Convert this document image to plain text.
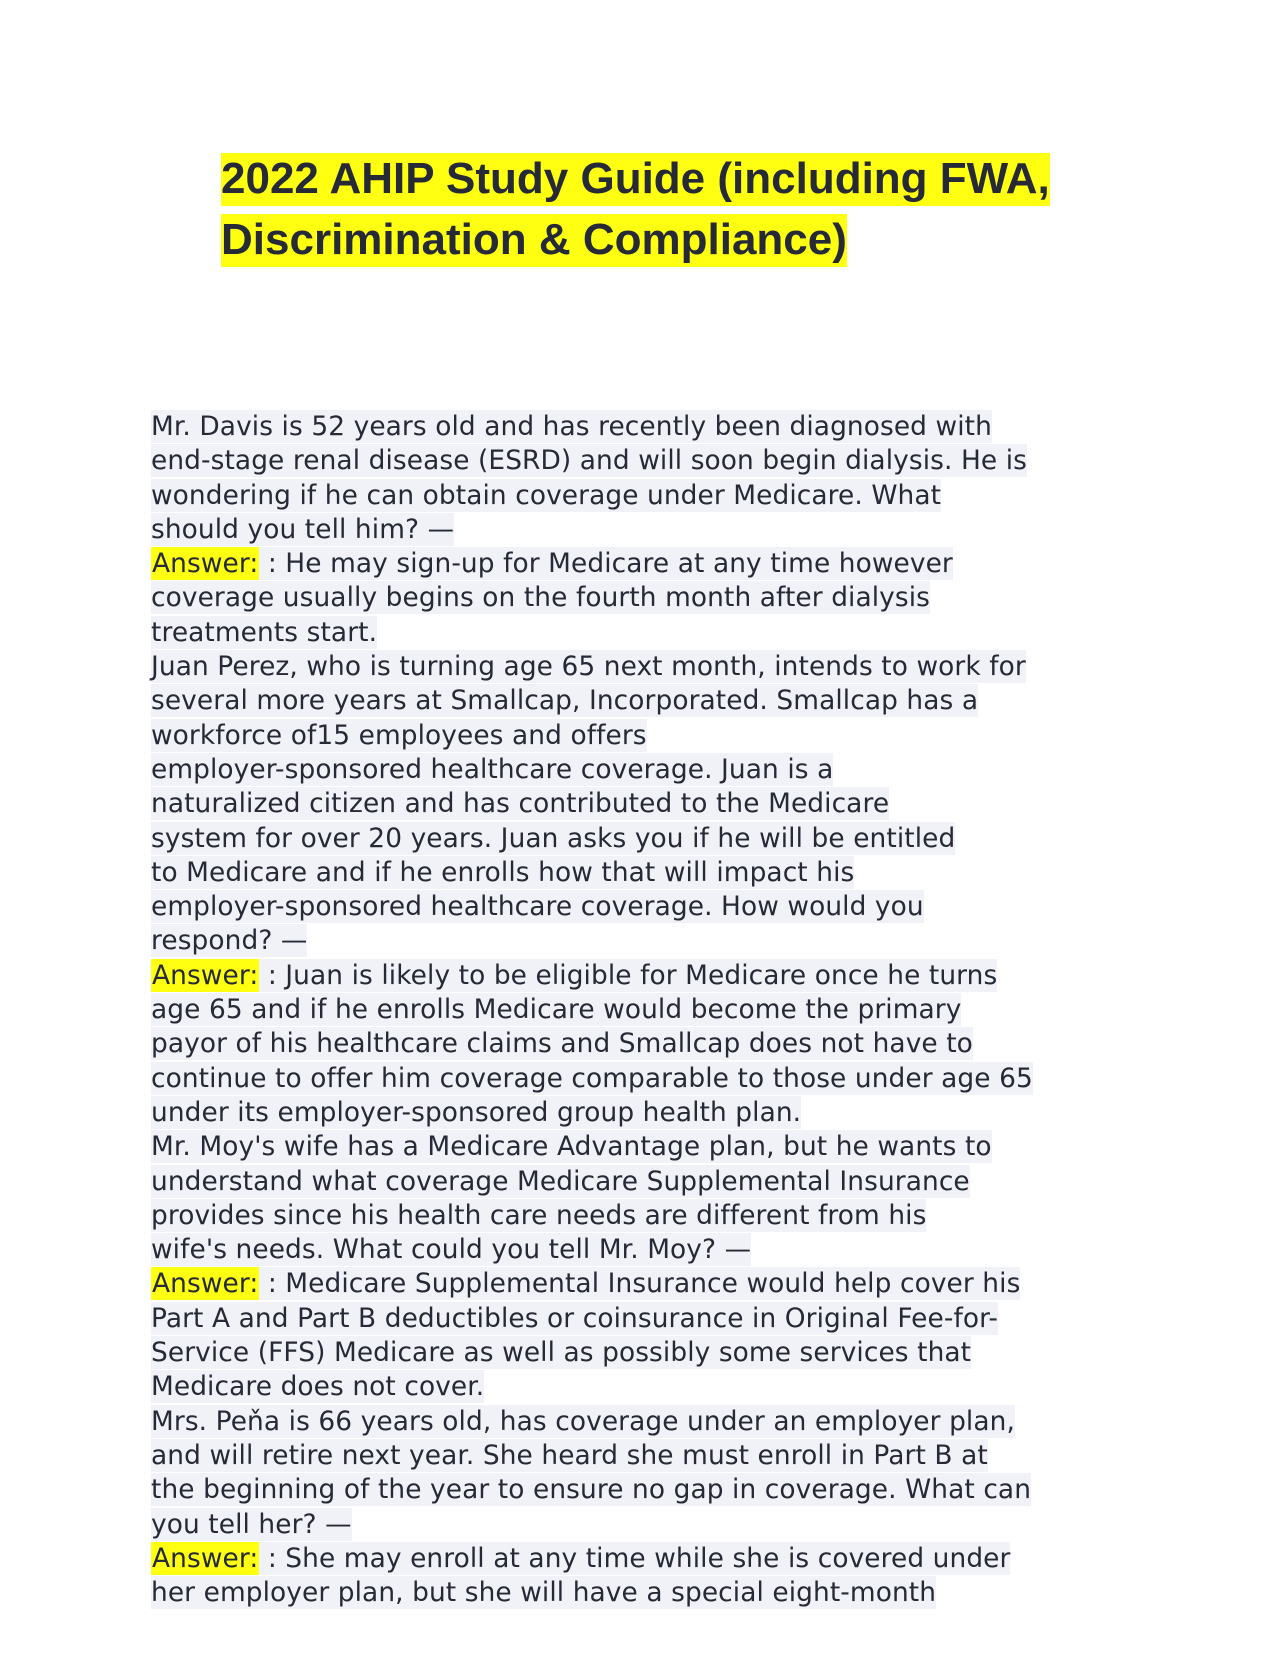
2022 AHIP Study Guide (including FWA,
Discrimination & Compliance)
Mr. Davis is 52 years old and has recently been diagnosed with
end-stage renal disease (ESRD) and will soon begin dialysis. He is
wondering if he can obtain coverage under Medicare. What
should you tell him? —
Answer: : He may sign-up for Medicare at any time however
coverage usually begins on the fourth month after dialysis
treatments start.
Juan Perez, who is turning age 65 next month, intends to work for
several more years at Smallcap, Incorporated. Smallcap has a
workforce of15 employees and offers
employer-sponsored healthcare coverage. Juan is a
naturalized citizen and has contributed to the Medicare
system for over 20 years. Juan asks you if he will be entitled
to Medicare and if he enrolls how that will impact his
employer-sponsored healthcare coverage. How would you
respond? —
Answer: : Juan is likely to be eligible for Medicare once he turns
age 65 and if he enrolls Medicare would become the primary
payor of his healthcare claims and Smallcap does not have to
continue to offer him coverage comparable to those under age 65
under its employer-sponsored group health plan.
Mr. Moy's wife has a Medicare Advantage plan, but he wants to
understand what coverage Medicare Supplemental Insurance
provides since his health care needs are different from his
wife's needs. What could you tell Mr. Moy? —
Answer: : Medicare Supplemental Insurance would help cover his
Part A and Part B deductibles or coinsurance in Original Fee-for-
Service (FFS) Medicare as well as possibly some services that
Medicare does not cover.
Mrs. Peňa is 66 years old, has coverage under an employer plan,
and will retire next year. She heard she must enroll in Part B at
the beginning of the year to ensure no gap in coverage. What can
you tell her? —
Answer: : She may enroll at any time while she is covered under
her employer plan, but she will have a special eight-month
